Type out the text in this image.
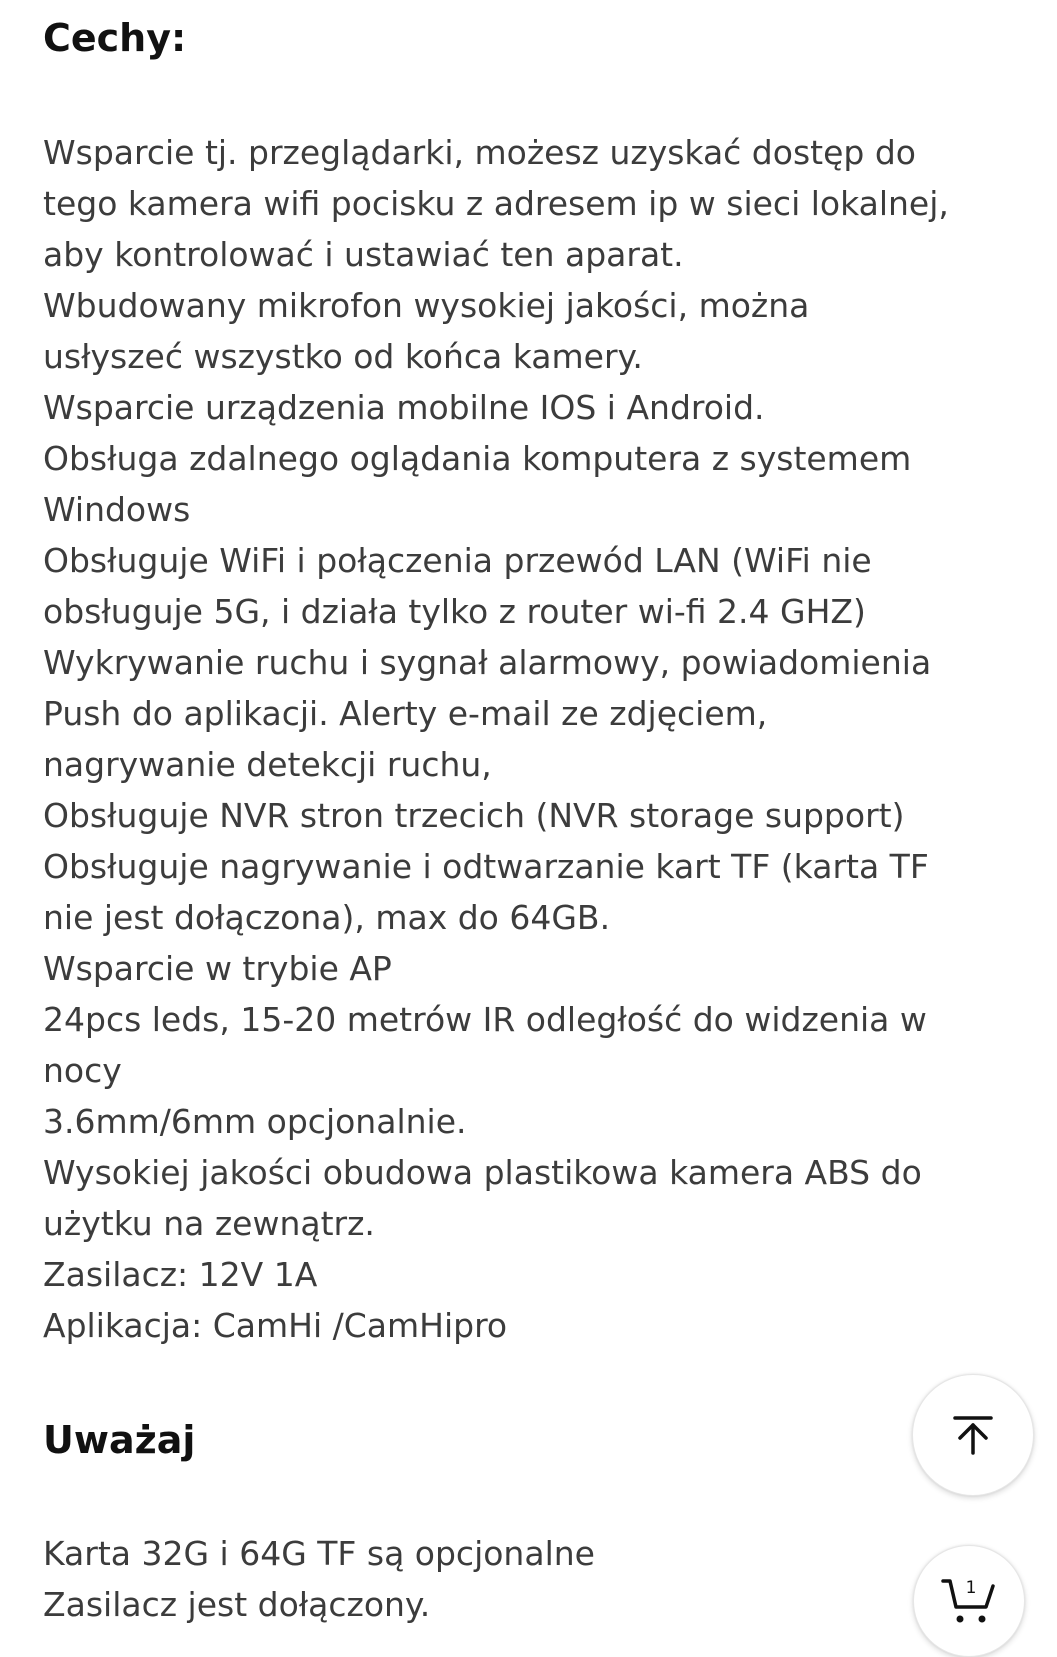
Cechy:
Wsparcie tj. przeglądarki, możesz uzyskać dostęp do
tego kamera wifi pocisku z adresem ip w sieci lokalnej,
aby kontrolować i ustawiać ten aparat.
Wbudowany mikrofon wysokiej jakości, można
usłyszeć wszystko od końca kamery.
Wsparcie urządzenia mobilne IOS i Android.
Obsługa zdalnego oglądania komputera z systemem
Windows
Obsługuje WiFi i połączenia przewód LAN (WiFi nie
obsługuje 5G, i działa tylko z router wi-fi 2.4 GHZ)
Wykrywanie ruchu i sygnał alarmowy, powiadomienia
Push do aplikacji. Alerty e-mail ze zdjęciem,
nagrywanie detekcji ruchu,
Obsługuje NVR stron trzecich (NVR storage support)
Obsługuje nagrywanie i odtwarzanie kart TF (karta TF
nie jest dołączona), max do 64GB.
Wsparcie w trybie AP
24pcs leds, 15-20 metrów IR odległość do widzenia w
nocy
3.6mm/6mm opcjonalnie.
Wysokiej jakości obudowa plastikowa kamera ABS do
użytku na zewnątrz.
Zasilacz: 12V 1A
Aplikacja: CamHi /CamHipro
Uważaj
Karta 32G i 64G TF są opcjonalne
Zasilacz jest dołączony.	1
